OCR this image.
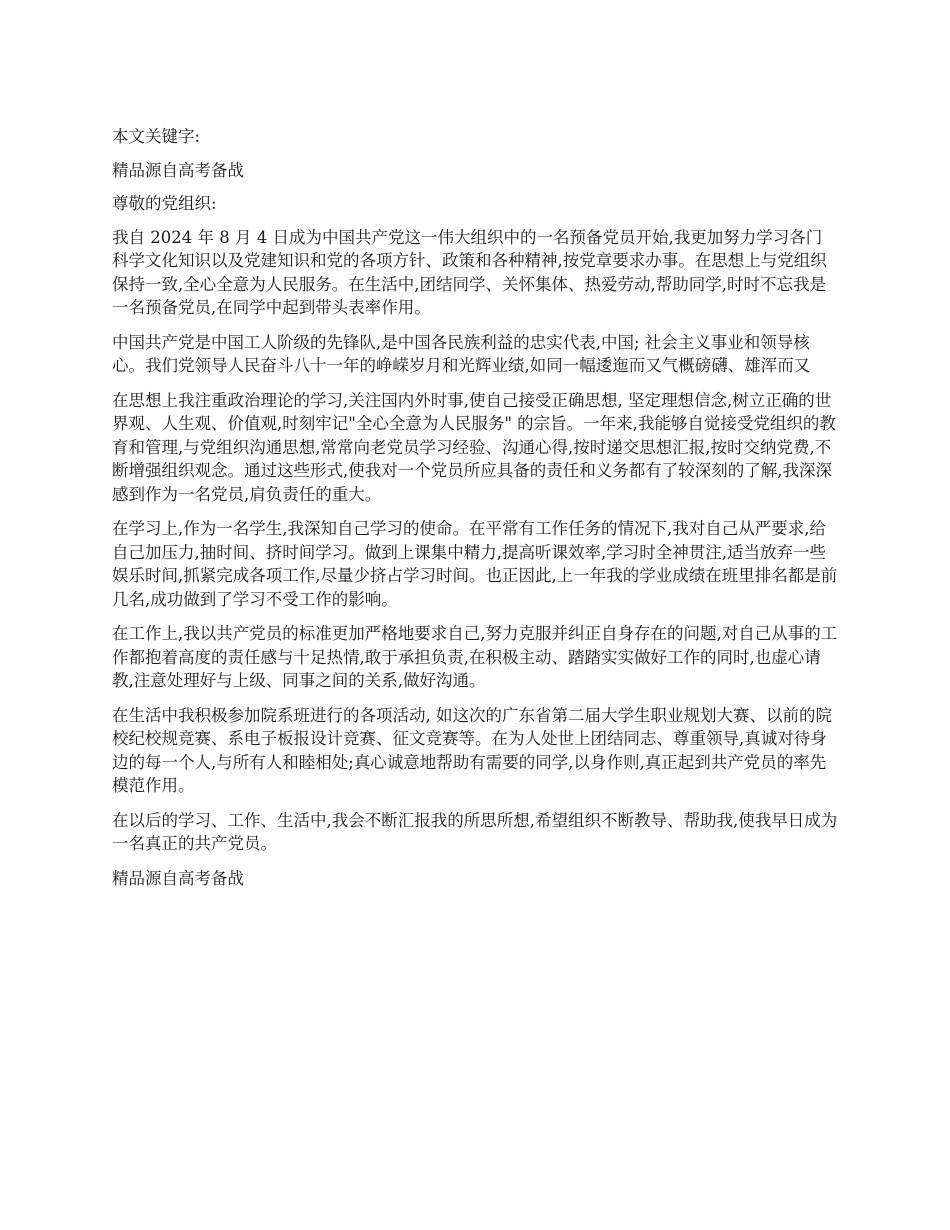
本文关键字:

精品源自高考备战

尊敬的党组织:

我自 2024 年 8 月 4 日成为中国共产党这一伟大组织中的一名预备党员开始,我更加努力学习各门科学文化知识以及党建知识和党的各项方针、政策和各种精神,按党章要求办事。在思想上与党组织保持一致,全心全意为人民服务。在生活中,团结同学、关怀集体、热爱劳动,帮助同学,时时不忘我是一名预备党员,在同学中起到带头表率作用。

中国共产党是中国工人阶级的先锋队,是中国各民族利益的忠实代表,中国; 社会主义事业和领导核心。我们党领导人民奋斗八十一年的峥嵘岁月和光辉业绩,如同一幅逶迤而又气概磅礴、雄浑而又

在思想上我注重政治理论的学习,关注国内外时事,使自己接受正确思想, 坚定理想信念,树立正确的世界观、人生观、价值观,时刻牢记"全心全意为人民服务" 的宗旨。一年来,我能够自觉接受党组织的教育和管理,与党组织沟通思想,常常向老党员学习经验、沟通心得,按时递交思想汇报,按时交纳党费,不断增强组织观念。通过这些形式,使我对一个党员所应具备的责任和义务都有了较深刻的了解,我深深感到作为一名党员,肩负责任的重大。

在学习上,作为一名学生,我深知自己学习的使命。在平常有工作任务的情况下,我对自己从严要求,给自己加压力,抽时间、挤时间学习。做到上课集中精力,提高听课效率,学习时全神贯注,适当放弃一些娱乐时间,抓紧完成各项工作,尽量少挤占学习时间。也正因此,上一年我的学业成绩在班里排名都是前几名,成功做到了学习不受工作的影响。

在工作上,我以共产党员的标准更加严格地要求自己,努力克服并纠正自身存在的问题,对自己从事的工作都抱着高度的责任感与十足热情,敢于承担负责,在积极主动、踏踏实实做好工作的同时,也虚心请教,注意处理好与上级、同事之间的关系,做好沟通。

在生活中我积极参加院系班进行的各项活动, 如这次的广东省第二届大学生职业规划大赛、以前的院校纪校规竞赛、系电子板报设计竞赛、征文竞赛等。在为人处世上团结同志、尊重领导,真诚对待身边的每一个人,与所有人和睦相处;真心诚意地帮助有需要的同学,以身作则,真正起到共产党员的率先模范作用。

在以后的学习、工作、生活中,我会不断汇报我的所思所想,希望组织不断教导、帮助我,使我早日成为一名真正的共产党员。

精品源自高考备战
